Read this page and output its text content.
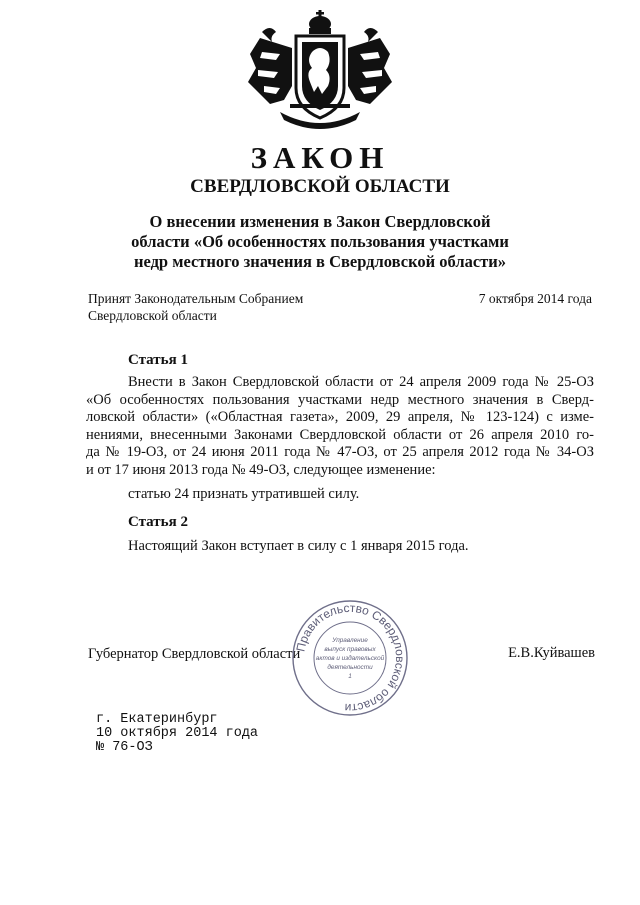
ЗАКОН
СВЕРДЛОВСКОЙ ОБЛАСТИ
О внесении изменения в Закон Свердловской
области «Об особенностях пользования участками
недр местного значения в Свердловской области»
Принят Законодательным Собранием
Свердловской области
7 октября 2014 года
Статья 1
Внести в Закон Свердловской области от 24 апреля 2009 года № 25-ОЗ
«Об особенностях пользования участками недр местного значения в Сверд-
ловской области» («Областная газета», 2009, 29 апреля, № 123-124) с изме-
нениями, внесенными Законами Свердловской области от 26 апреля 2010 го-
да № 19-ОЗ, от 24 июня 2011 года № 47-ОЗ, от 25 апреля 2012 года № 34-ОЗ
и от 17 июня 2013 года № 49-ОЗ, следующее изменение:
статью 24 признать утратившей силу.
Статья 2
Настоящий Закон вступает в силу с 1 января 2015 года.
Губернатор Свердловской области	Е.В.Куйвашев
Правительство Свердловской области
Управление
выпуск правовых
актов и издательской
деятельности
1
г. Екатеринбург
10 октября 2014 года
№ 76-ОЗ
